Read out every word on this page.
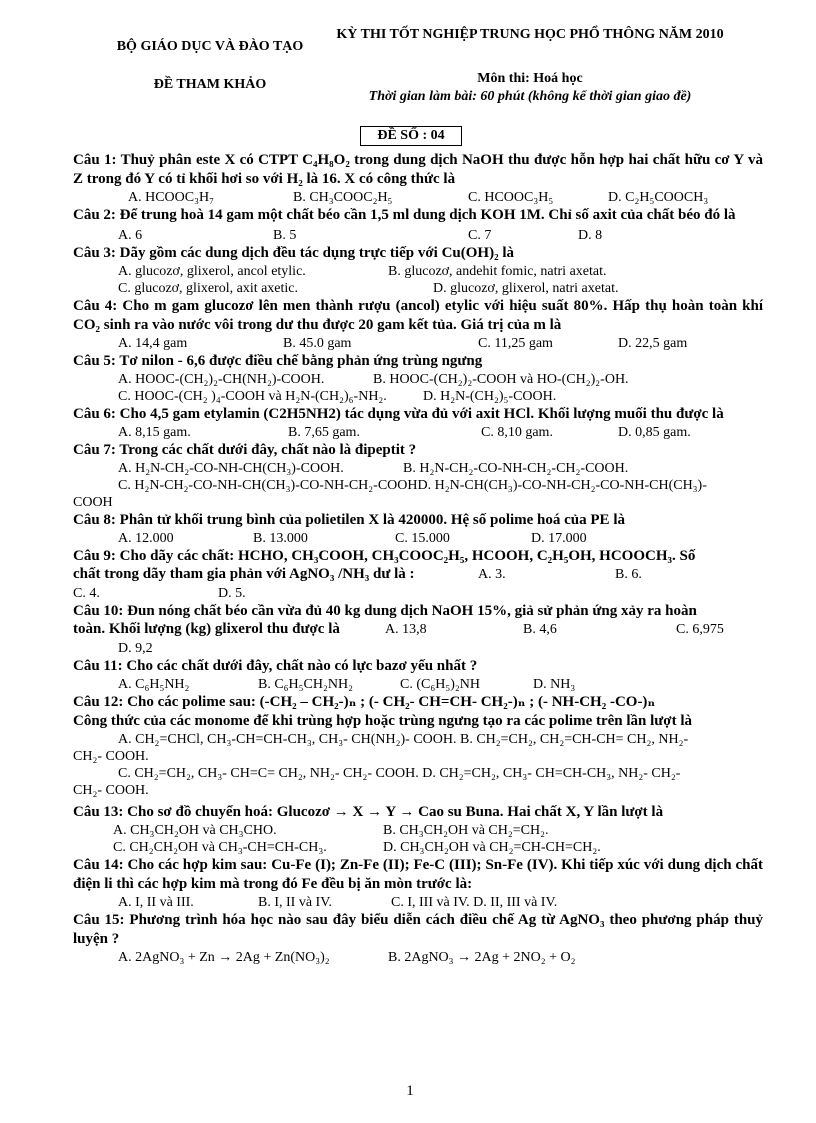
BỘ GIÁO DỤC VÀ ĐÀO TẠO
ĐỀ THAM KHẢO
KỲ THI TỐT NGHIỆP TRUNG HỌC PHỔ THÔNG NĂM 2010
Môn thi: Hoá học
Thời gian làm bài: 60 phút (không kể thời gian giao đề)
ĐỀ SỐ : 04

Câu 1: Thuỷ phân este X có CTPT C₄H₈O₂ trong dung dịch NaOH thu được hỗn hợp hai chất hữu cơ Y và Z trong đó Y có tỉ khối hơi so với H₂ là 16. X có công thức là

A. HCOOC₃H₇	B. CH₃COOC₂H₅	C. HCOOC₃H₅	D. C₂H₅COOCH₃

Câu 2: Để trung hoà 14 gam một chất béo cần 1,5 ml dung dịch KOH 1M. Chỉ số axit của chất béo đó là

A. 6	B. 5	C. 7	D. 8

Câu 3: Dãy gồm các dung dịch đều tác dụng trực tiếp với Cu(OH)₂ là

A. glucozơ, glixerol, ancol etylic.	B. glucozơ, andehit fomic, natri axetat.
C. glucozơ, glixerol, axit axetic.	D. glucozơ, glixerol, natri axetat.

Câu 4: Cho m gam glucozơ lên men thành rượu (ancol) etylic với hiệu suất 80%. Hấp thụ hoàn toàn khí CO₂ sinh ra vào nước vôi trong dư thu được 20 gam kết tủa. Giá trị của m là

A. 14,4 gam	B. 45.0 gam	C. 11,25 gam	D. 22,5 gam

Câu 5: Tơ nilon - 6,6 được điều chế bằng phản ứng trùng ngưng

A. HOOC-(CH₂)₂-CH(NH₂)-COOH.	B. HOOC-(CH₂)₂-COOH và HO-(CH₂)₂-OH.
C. HOOC-(CH₂ )₄-COOH và H₂N-(CH₂)₆-NH₂.	D. H₂N-(CH₂)₅-COOH.

Câu 6: Cho 4,5 gam etylamin (C2H5NH2) tác dụng vừa đủ với axit HCl. Khối lượng muối thu được là

A. 8,15 gam.	B. 7,65 gam.	C. 8,10 gam.	D. 0,85 gam.

Câu 7: Trong các chất dưới đây, chất nào là đipeptit ?

A. H₂N-CH₂-CO-NH-CH(CH₃)-COOH.	B. H₂N-CH₂-CO-NH-CH₂-CH₂-COOH.

C. H₂N-CH₂-CO-NH-CH(CH₃)-CO-NH-CH₂-COOHD. H₂N-CH(CH₃)-CO-NH-CH₂-CO-NH-CH(CH₃)-

COOH

Câu 8: Phân tử khối trung bình của polietilen X là 420000. Hệ số polime hoá của PE là

A. 12.000	B. 13.000	C. 15.000	D. 17.000

Câu 9: Cho dãy các chất: HCHO, CH₃COOH, CH₃COOC₂H₅, HCOOH, C₂H₅OH, HCOOCH₃. Số

chất trong dãy tham gia phản với AgNO₃ /NH₃ dư là :	A. 3.	B. 6.
C. 4.	D. 5.

Câu 10: Đun nóng chất béo cần vừa đủ 40 kg dung dịch NaOH 15%, giả sử phản ứng xảy ra hoàn

toàn. Khối lượng (kg) glixerol thu được là	A. 13,8	B. 4,6	C. 6,975
D. 9,2

Câu 11: Cho các chất dưới đây, chất nào có lực bazơ yếu nhất ?

A. C₆H₅NH₂	B. C₆H₅CH₂NH₂	C. (C₆H₅)₂NH	D. NH₃

Câu 12: Cho các polime sau: (-CH₂ – CH₂-)ₙ ; (- CH₂- CH=CH- CH₂-)ₙ ; (- NH-CH₂ -CO-)ₙ

Công thức của các monome để khi trùng hợp hoặc trùng ngưng tạo ra các polime trên lần lượt là

A. CH₂=CHCl, CH₃-CH=CH-CH₃, CH₃- CH(NH₂)- COOH. B. CH₂=CH₂, CH₂=CH-CH= CH₂, NH₂-

CH₂- COOH.

C. CH₂=CH₂, CH₃- CH=C= CH₂, NH₂- CH₂- COOH. D. CH₂=CH₂, CH₃- CH=CH-CH₃, NH₂- CH₂-

CH₂- COOH.

Câu 13: Cho sơ đồ chuyển hoá: Glucozơ → X → Y → Cao su Buna. Hai chất X, Y lần lượt là

A. CH₃CH₂OH và CH₃CHO.	B. CH₃CH₂OH và CH₂=CH₂.
C. CH₂CH₂OH và CH₃-CH=CH-CH₃.	D. CH₃CH₂OH và CH₂=CH-CH=CH₂.

Câu 14: Cho các hợp kim sau: Cu-Fe (I); Zn-Fe (II); Fe-C (III); Sn-Fe (IV). Khi tiếp xúc với dung dịch chất điện li thì các hợp kim mà trong đó Fe đều bị ăn mòn trước là:

A. I, II và III.	B. I, II và IV.	C. I, III và IV. D. II, III và IV.

Câu 15: Phương trình hóa học nào sau đây biểu diễn cách điều chế Ag từ AgNO₃ theo phương pháp thuỷ luyện ?

A. 2AgNO₃ + Zn → 2Ag + Zn(NO₃)₂	B. 2AgNO₃ → 2Ag + 2NO₂ + O₂
1
